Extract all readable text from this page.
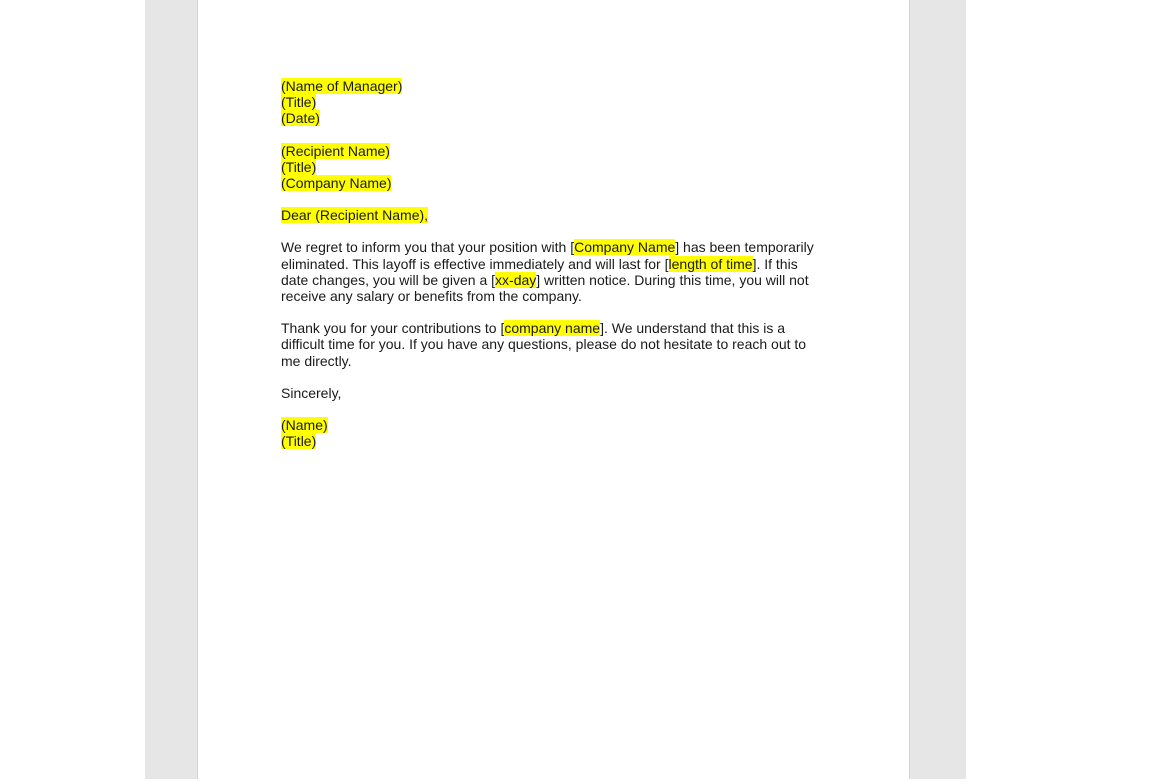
(Name of Manager)

(Title)

(Date)

(Recipient Name)

(Title)

(Company Name)

Dear (Recipient Name),

We regret to inform you that your position with [Company Name] has been temporarily eliminated. This layoff is effective immediately and will last for [length of time]. If this date changes, you will be given a [xx-day] written notice. During this time, you will not receive any salary or benefits from the company.

Thank you for your contributions to [company name]. We understand that this is a difficult time for you. If you have any questions, please do not hesitate to reach out to me directly.

Sincerely,

(Name)

(Title)
